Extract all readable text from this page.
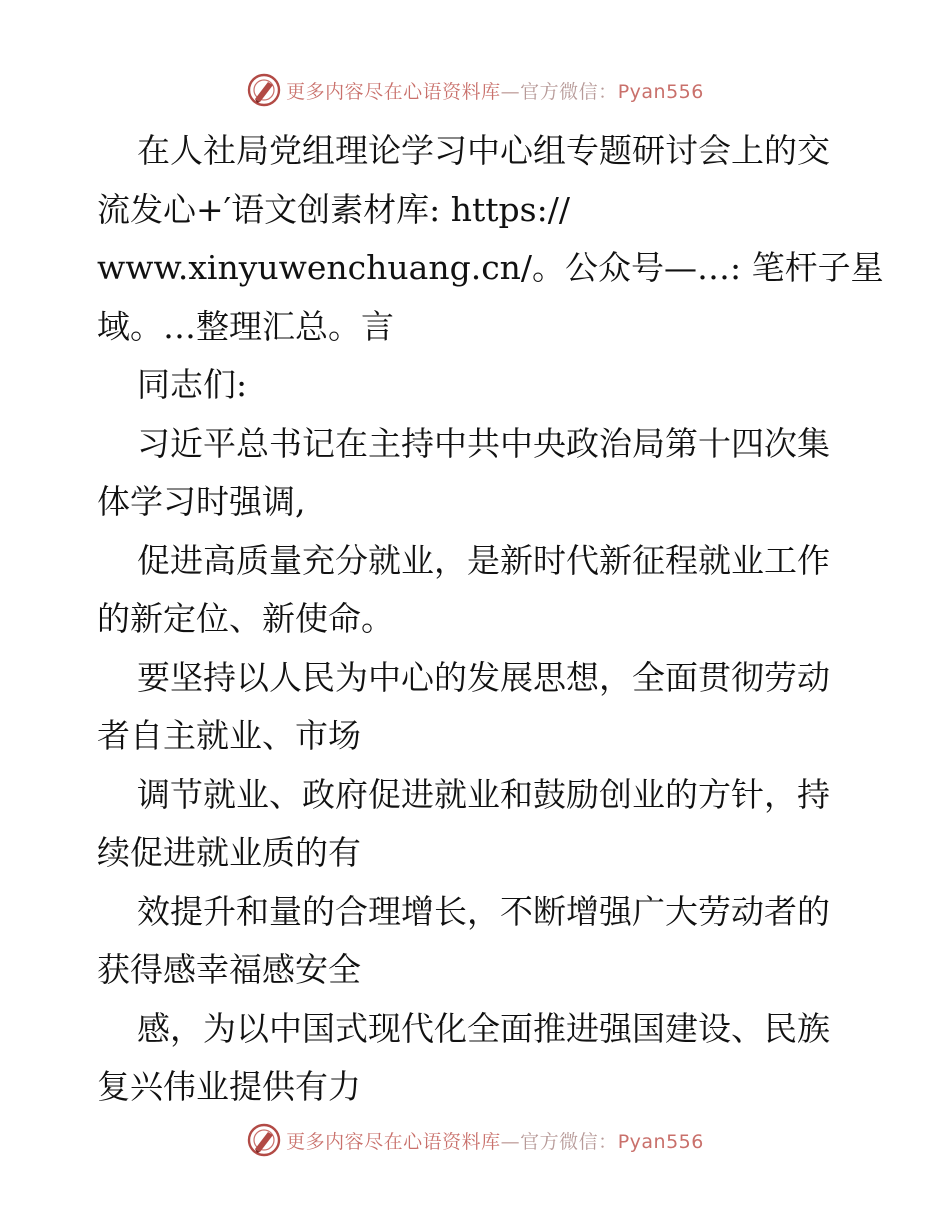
更多内容尽在心语资料库—官方微信：Pyan556

在人社局党组理论学习中心组专题研讨会上的交
流发心+′语文创素材库: https://
www.xinyuwenchuang.cn/。公众号—…: 笔杆子星
域。…整理汇总。言

同志们:

习近平总书记在主持中共中央政治局第十四次集
体学习时强调,

促进高质量充分就业，是新时代新征程就业工作
的新定位、新使命。

要坚持以人民为中心的发展思想，全面贯彻劳动
者自主就业、市场

调节就业、政府促进就业和鼓励创业的方针，持
续促进就业质的有

效提升和量的合理增长，不断增强广大劳动者的
获得感幸福感安全

感，为以中国式现代化全面推进强国建设、民族
复兴伟业提供有力

更多内容尽在心语资料库—官方微信：Pyan556
